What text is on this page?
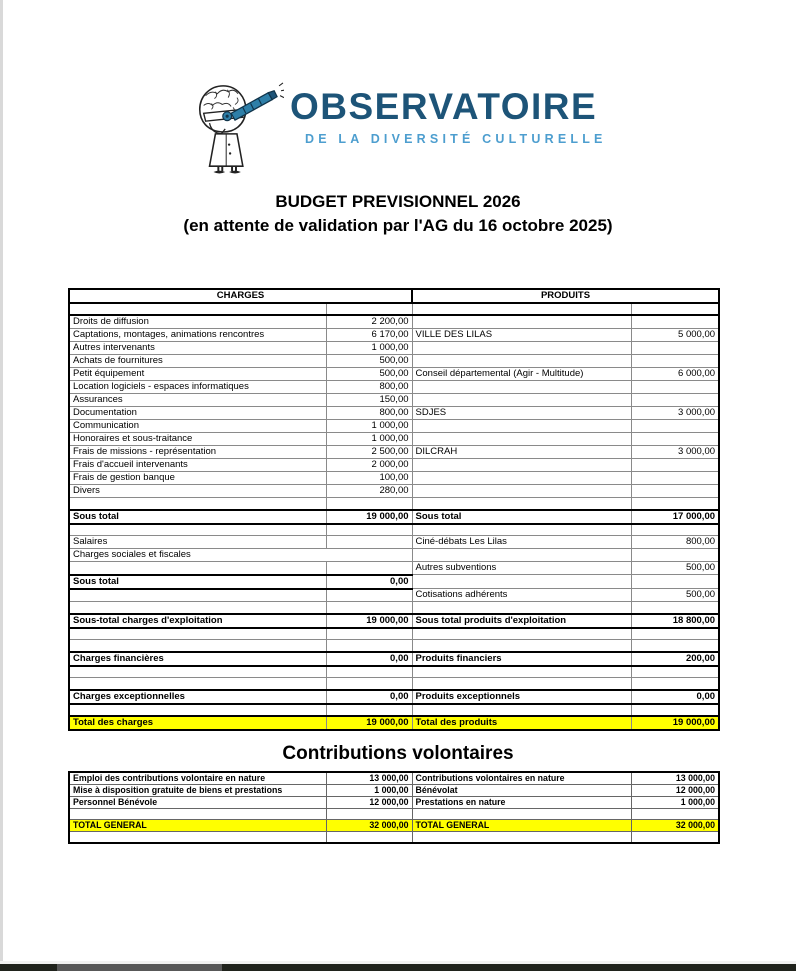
OBSERVATOIRE
DE LA DIVERSITÉ CULTURELLE
BUDGET PREVISIONNEL 2026
(en attente de validation par l'AG du 16 octobre 2025)
CHARGES		PRODUITS	

Droits de diffusion	2 200,00		
Captations, montages, animations rencontres	6 170,00	VILLE DES LILAS	5 000,00
Autres intervenants	1 000,00		
Achats de fournitures	500,00		
Petit équipement	500,00	Conseil départemental (Agir - Multitude)	6 000,00
Location logiciels - espaces informatiques	800,00		
Assurances	150,00		
Documentation	800,00	SDJES	3 000,00
Communication	1 000,00		
Honoraires et sous-traitance	1 000,00		
Frais de missions - représentation	2 500,00	DILCRAH	3 000,00
Frais d'accueil intervenants	2 000,00		
Frais de gestion banque	100,00		
Divers	280,00		

Sous total	19 000,00	Sous total	17 000,00

Salaires		Ciné-débats Les Lilas	800,00
Charges sociales et fiscales			
		Autres subventions	500,00
Sous total	0,00		
		Cotisations adhérents	500,00

Sous-total charges d'exploitation	19 000,00	Sous total produits d'exploitation	18 800,00

Charges financières	0,00	Produits financiers	200,00

Charges exceptionnelles	0,00	Produits exceptionnels	0,00

Total des charges	19 000,00	Total des produits	19 000,00
Contributions volontaires
Emploi des contributions volontaire en nature	13 000,00	Contributions volontaires en nature	13 000,00
Mise à disposition gratuite de biens et prestations	1 000,00	Bénévolat	12 000,00
Personnel Bénévole	12 000,00	Prestations en nature	1 000,00

TOTAL GENERAL	32 000,00	TOTAL GENERAL	32 000,00
